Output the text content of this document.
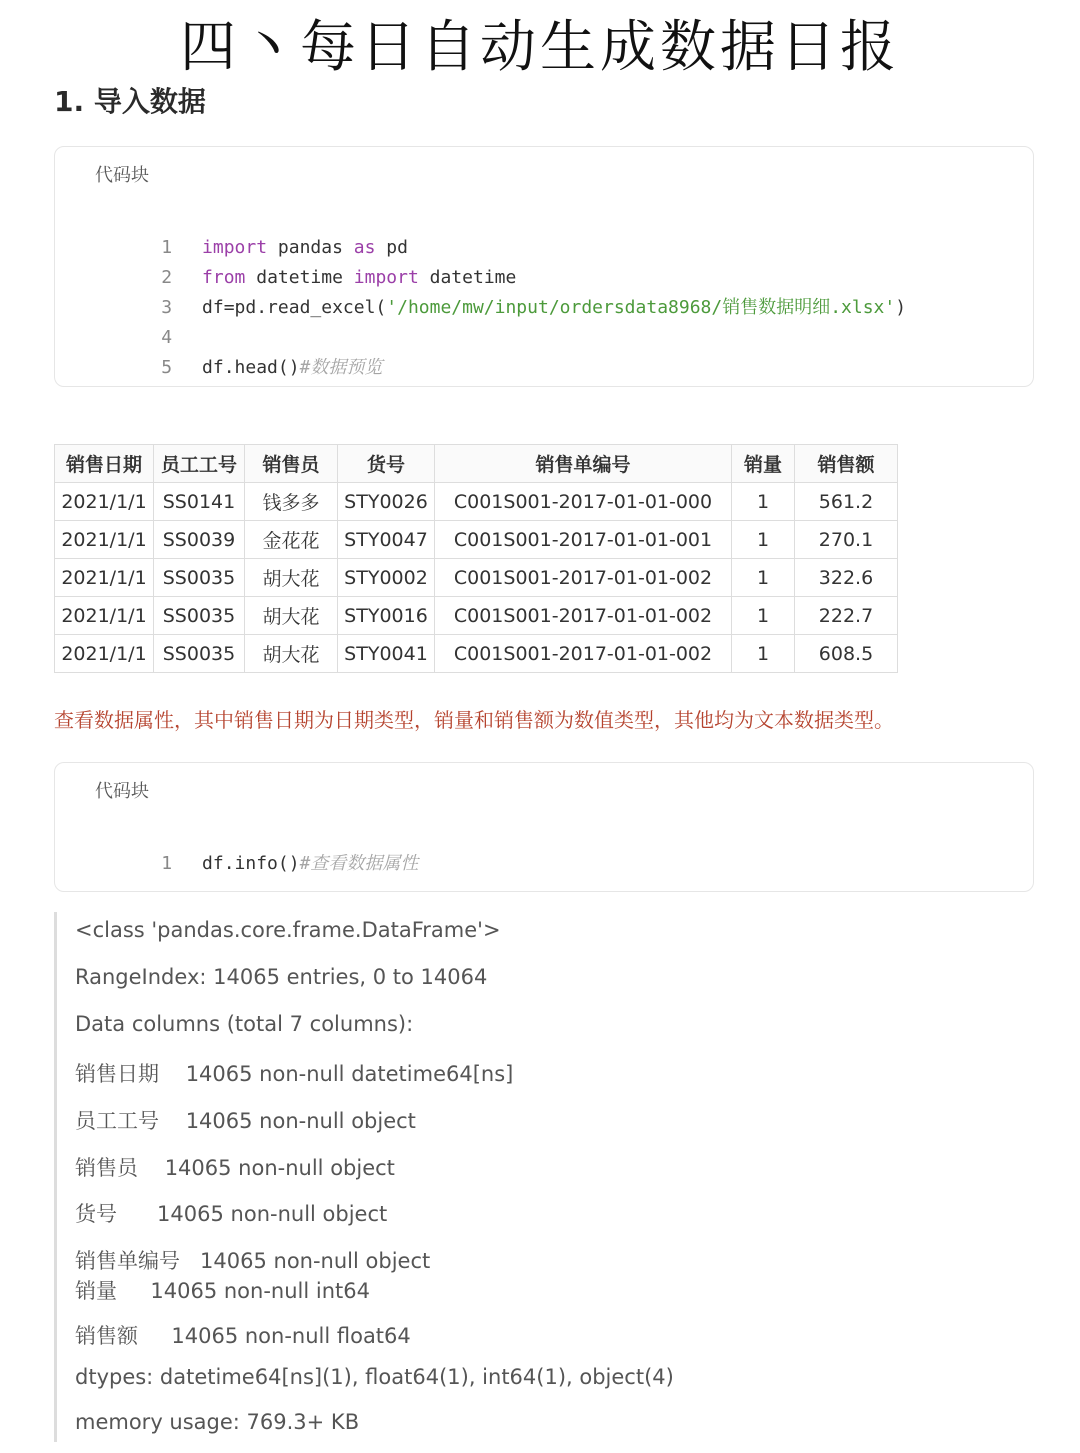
四丶每日自动生成数据日报
1. 导入数据
代码块

1 import pandas as pd

2 from datetime import datetime

3 df=pd.read_excel('/home/mw/input/ordersdata8968/销售数据明细.xlsx')

4

5 df.head()#数据预览

销售日期	员工工号	销售员	货号	销售单编号	销量	销售额
2021/1/1	SS0141	钱多多	STY0026	C001S001-2017-01-01-000	1	561.2
2021/1/1	SS0039	金花花	STY0047	C001S001-2017-01-01-001	1	270.1
2021/1/1	SS0035	胡大花	STY0002	C001S001-2017-01-01-002	1	322.6
2021/1/1	SS0035	胡大花	STY0016	C001S001-2017-01-01-002	1	222.7
2021/1/1	SS0035	胡大花	STY0041	C001S001-2017-01-01-002	1	608.5
查看数据属性，其中销售日期为日期类型，销量和销售额为数值类型，其他均为文本数据类型。
代码块

1 df.info()#查看数据属性

<class 'pandas.core.frame.DataFrame'>
RangeIndex: 14065 entries, 0 to 14064
Data columns (total 7 columns):
销售日期    14065 non-null datetime64[ns]
员工工号    14065 non-null object
销售员    14065 non-null object
货号      14065 non-null object
销售单编号   14065 non-null object
销量     14065 non-null int64
销售额     14065 non-null float64
dtypes: datetime64[ns](1), float64(1), int64(1), object(4)
memory usage: 769.3+ KB
